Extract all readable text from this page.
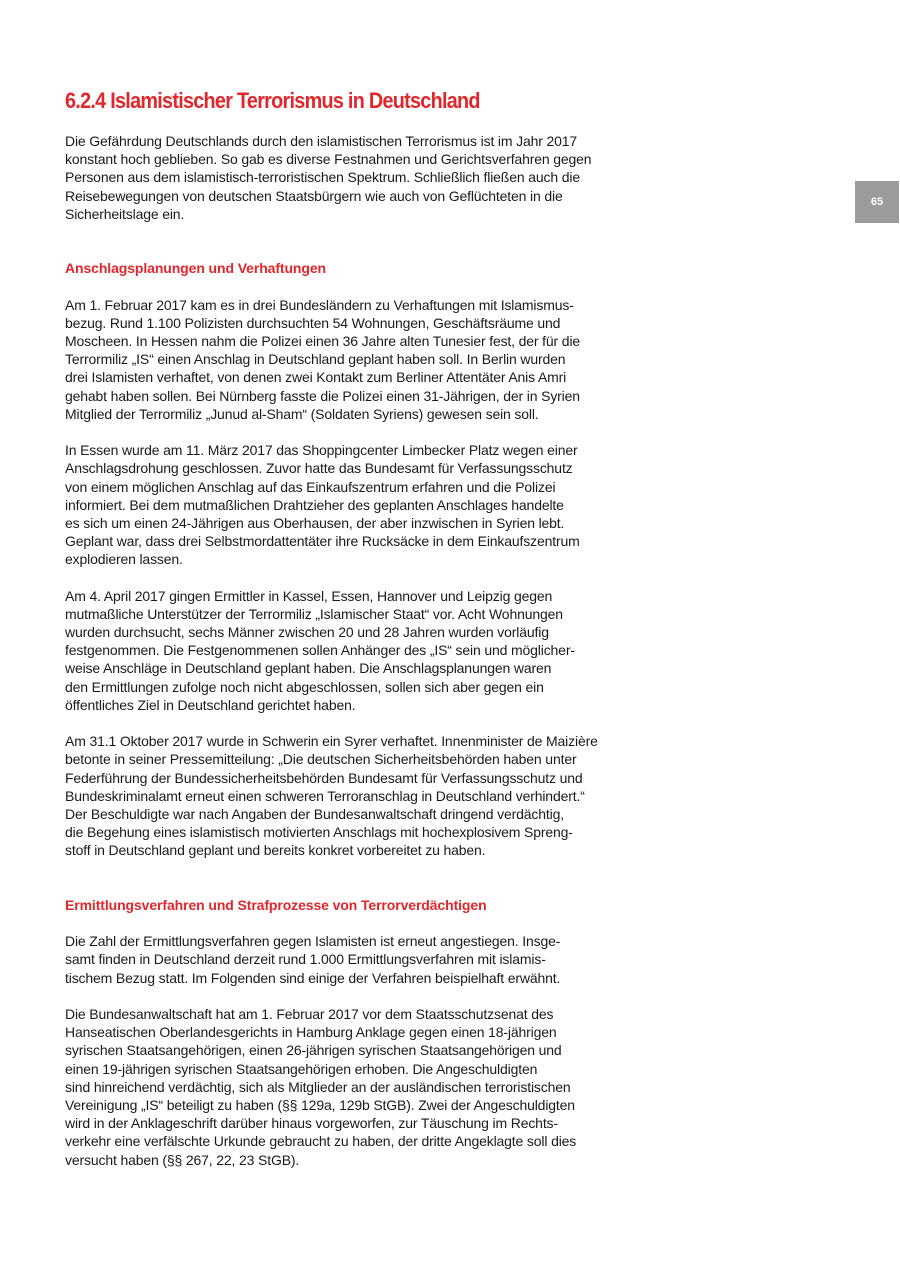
6.2.4 Islamistischer Terrorismus in Deutschland
Die Gefährdung Deutschlands durch den islamistischen Terrorismus ist im Jahr 2017
konstant hoch geblieben. So gab es diverse Festnahmen und Gerichtsverfahren gegen
Personen aus dem islamistisch-terroristischen Spektrum. Schließlich fließen auch die
Reisebewegungen von deutschen Staatsbürgern wie auch von Geflüchteten in die
Sicherheitslage ein.
Anschlagsplanungen und Verhaftungen
Am 1. Februar 2017 kam es in drei Bundesländern zu Verhaftungen mit Islamismus-
bezug. Rund 1.100 Polizisten durchsuchten 54 Wohnungen, Geschäftsräume und
Moscheen. In Hessen nahm die Polizei einen 36 Jahre alten Tunesier fest, der für die
Terrormiliz „IS“ einen Anschlag in Deutschland geplant haben soll. In Berlin wurden
drei Islamisten verhaftet, von denen zwei Kontakt zum Berliner Attentäter Anis Amri
gehabt haben sollen. Bei Nürnberg fasste die Polizei einen 31-Jährigen, der in Syrien
Mitglied der Terrormiliz „Junud al-Sham“ (Soldaten Syriens) gewesen sein soll.
In Essen wurde am 11. März 2017 das Shoppingcenter Limbecker Platz wegen einer
Anschlagsdrohung geschlossen. Zuvor hatte das Bundesamt für Verfassungsschutz
von einem möglichen Anschlag auf das Einkaufszentrum erfahren und die Polizei
informiert. Bei dem mutmaßlichen Drahtzieher des geplanten Anschlages handelte
es sich um einen 24-Jährigen aus Oberhausen, der aber inzwischen in Syrien lebt.
Geplant war, dass drei Selbstmordattentäter ihre Rucksäcke in dem Einkaufszentrum
explodieren lassen.
Am 4. April 2017 gingen Ermittler in Kassel, Essen, Hannover und Leipzig gegen
mutmaßliche Unterstützer der Terrormiliz „Islamischer Staat“ vor. Acht Wohnungen
wurden durchsucht, sechs Männer zwischen 20 und 28 Jahren wurden vorläufig
festgenommen. Die Festgenommenen sollen Anhänger des „IS“ sein und möglicher-
weise Anschläge in Deutschland geplant haben. Die Anschlagsplanungen waren
den Ermittlungen zufolge noch nicht abgeschlossen, sollen sich aber gegen ein
öffentliches Ziel in Deutschland gerichtet haben.
Am 31.1 Oktober 2017 wurde in Schwerin ein Syrer verhaftet. Innenminister de Maizière
betonte in seiner Pressemitteilung: „Die deutschen Sicherheitsbehörden haben unter
Federführung der Bundessicherheitsbehörden Bundesamt für Verfassungsschutz und
Bundeskriminalamt erneut einen schweren Terroranschlag in Deutschland verhindert.“
Der Beschuldigte war nach Angaben der Bundesanwaltschaft dringend verdächtig,
die Begehung eines islamistisch motivierten Anschlags mit hochexplosivem Spreng-
stoff in Deutschland geplant und bereits konkret vorbereitet zu haben.
Ermittlungsverfahren und Strafprozesse von Terrorverdächtigen
Die Zahl der Ermittlungsverfahren gegen Islamisten ist erneut angestiegen. Insge-
samt finden in Deutschland derzeit rund 1.000 Ermittlungsverfahren mit islamis-
tischem Bezug statt. Im Folgenden sind einige der Verfahren beispielhaft erwähnt.
Die Bundesanwaltschaft hat am 1. Februar 2017 vor dem Staatsschutzsenat des
Hanseatischen Oberlandesgerichts in Hamburg Anklage gegen einen 18-jährigen
syrischen Staatsangehörigen, einen 26-jährigen syrischen Staatsangehörigen und
einen 19-jährigen syrischen Staatsangehörigen erhoben. Die Angeschuldigten
sind hinreichend verdächtig, sich als Mitglieder an der ausländischen terroristischen
Vereinigung „IS“ beteiligt zu haben (§§ 129a, 129b StGB). Zwei der Angeschuldigten
wird in der Anklageschrift darüber hinaus vorgeworfen, zur Täuschung im Rechts-
verkehr eine verfälschte Urkunde gebraucht zu haben, der dritte Angeklagte soll dies
versucht haben (§§ 267, 22, 23 StGB).
65
